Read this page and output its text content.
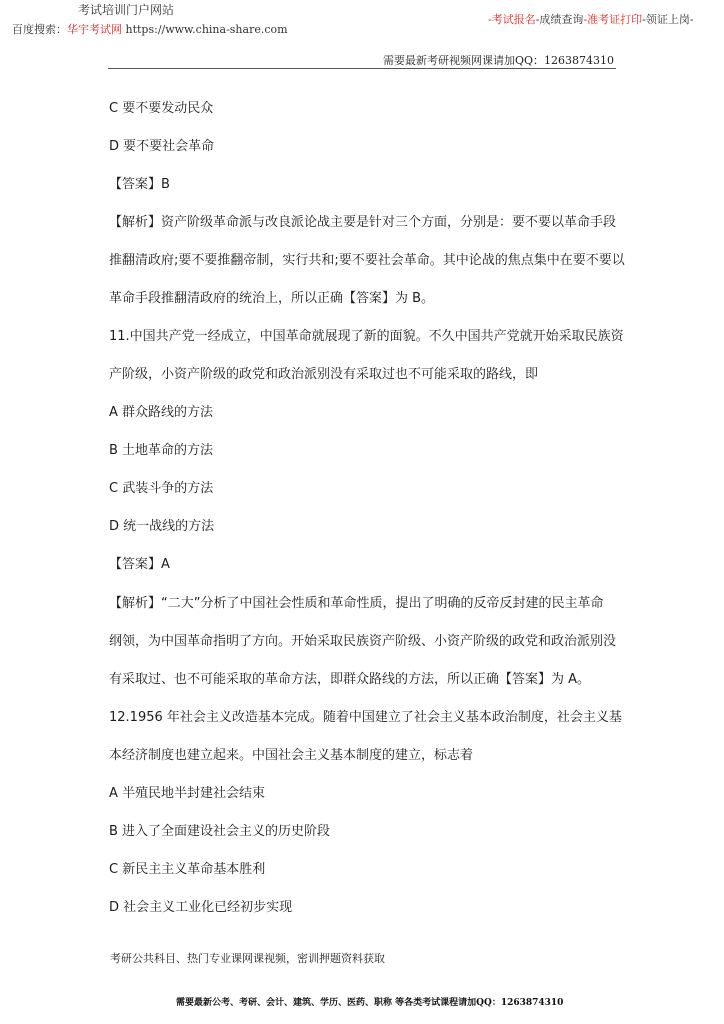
考试培训门户网站
百度搜索：华宇考试网 https://www.china-share.com
-考试报名-成绩查询-准考证打印-领证上岗-
需要最新考研视频网课请加QQ：1263874310
C 要不要发动民众
D 要不要社会革命
【答案】B
【解析】资产阶级革命派与改良派论战主要是针对三个方面，分别是：要不要以革命手段
推翻清政府;要不要推翻帝制，实行共和;要不要社会革命。其中论战的焦点集中在要不要以
革命手段推翻清政府的统治上，所以正确【答案】为 B。
11.中国共产党一经成立，中国革命就展现了新的面貌。不久中国共产党就开始采取民族资
产阶级，小资产阶级的政党和政治派别没有采取过也不可能采取的路线，即
A 群众路线的方法
B 土地革命的方法
C 武装斗争的方法
D 统一战线的方法
【答案】A
【解析】“二大”分析了中国社会性质和革命性质，提出了明确的反帝反封建的民主革命
纲领，为中国革命指明了方向。开始采取民族资产阶级、小资产阶级的政党和政治派别没
有采取过、也不可能采取的革命方法，即群众路线的方法，所以正确【答案】为 A。
12.1956 年社会主义改造基本完成。随着中国建立了社会主义基本政治制度，社会主义基
本经济制度也建立起来。中国社会主义基本制度的建立，标志着
A 半殖民地半封建社会结束
B 进入了全面建设社会主义的历史阶段
C 新民主主义革命基本胜利
D 社会主义工业化已经初步实现
考研公共科目、热门专业课网课视频，密训押题资料获取
需要最新公考、考研、会计、建筑、学历、医药、职称 等各类考试课程请加QQ：1263874310
